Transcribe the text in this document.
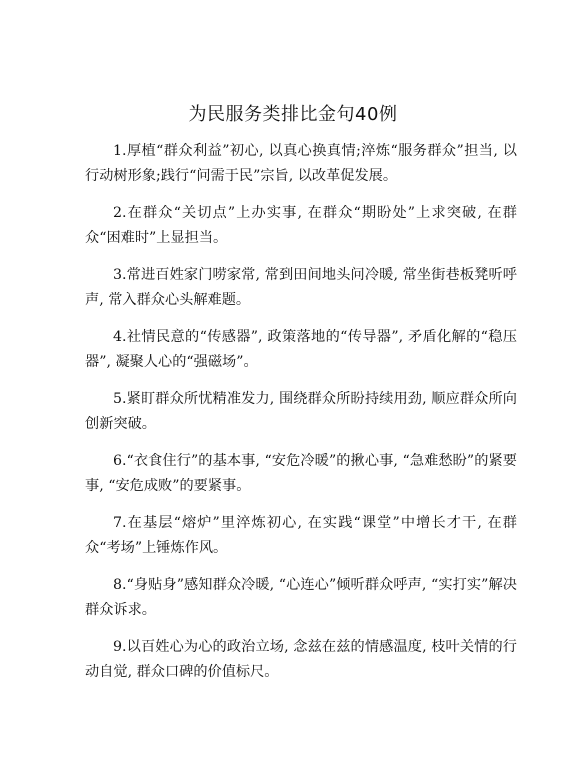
为民服务类排比金句40例

1.厚植“群众利益”初心, 以真心换真情;淬炼“服务群众”担当, 以行动树形象;践行“问需于民”宗旨, 以改革促发展。

2.在群众“关切点”上办实事, 在群众“期盼处”上求突破, 在群众“困难时”上显担当。

3.常进百姓家门唠家常, 常到田间地头问冷暖, 常坐街巷板凳听呼声, 常入群众心头解难题。

4.社情民意的“传感器”, 政策落地的“传导器”, 矛盾化解的“稳压器”, 凝聚人心的“强磁场”。

5.紧盯群众所忧精准发力, 围绕群众所盼持续用劲, 顺应群众所向创新突破。

6.“衣食住行”的基本事, “安危冷暖”的揪心事, “急难愁盼”的紧要事, “安危成败”的要紧事。

7.在基层“熔炉”里淬炼初心, 在实践“课堂”中增长才干, 在群众“考场”上锤炼作风。

8.“身贴身”感知群众冷暖, “心连心”倾听群众呼声, “实打实”解决群众诉求。

9.以百姓心为心的政治立场, 念兹在兹的情感温度, 枝叶关情的行动自觉, 群众口碑的价值标尺。
